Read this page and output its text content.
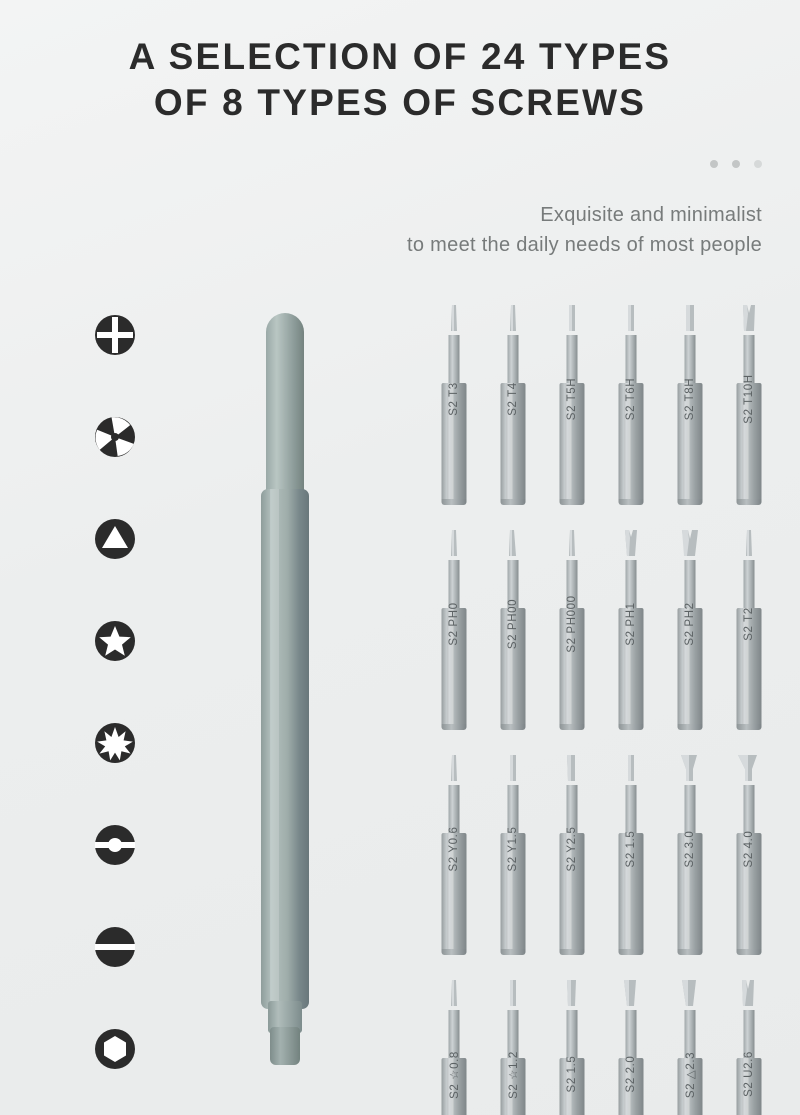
A SELECTION OF 24 TYPES
OF 8 TYPES OF SCREWS
Exquisite and minimalist
to meet the daily needs of most people
S2 T3	S2 T4	S2 T5H	S2 T6H	S2 T8H	S2 T10H
S2 PH0	S2 PH00	S2 PH000	S2 PH1	S2 PH2	S2 T2
S2 Y0.6	S2 Y1.5	S2 Y2.5	S2 1.5	S2 3.0	S2 4.0
S2 ☆0.8	S2 ☆1.2	S2 1.5	S2 2.0	S2 △2.3	S2 U2.6
